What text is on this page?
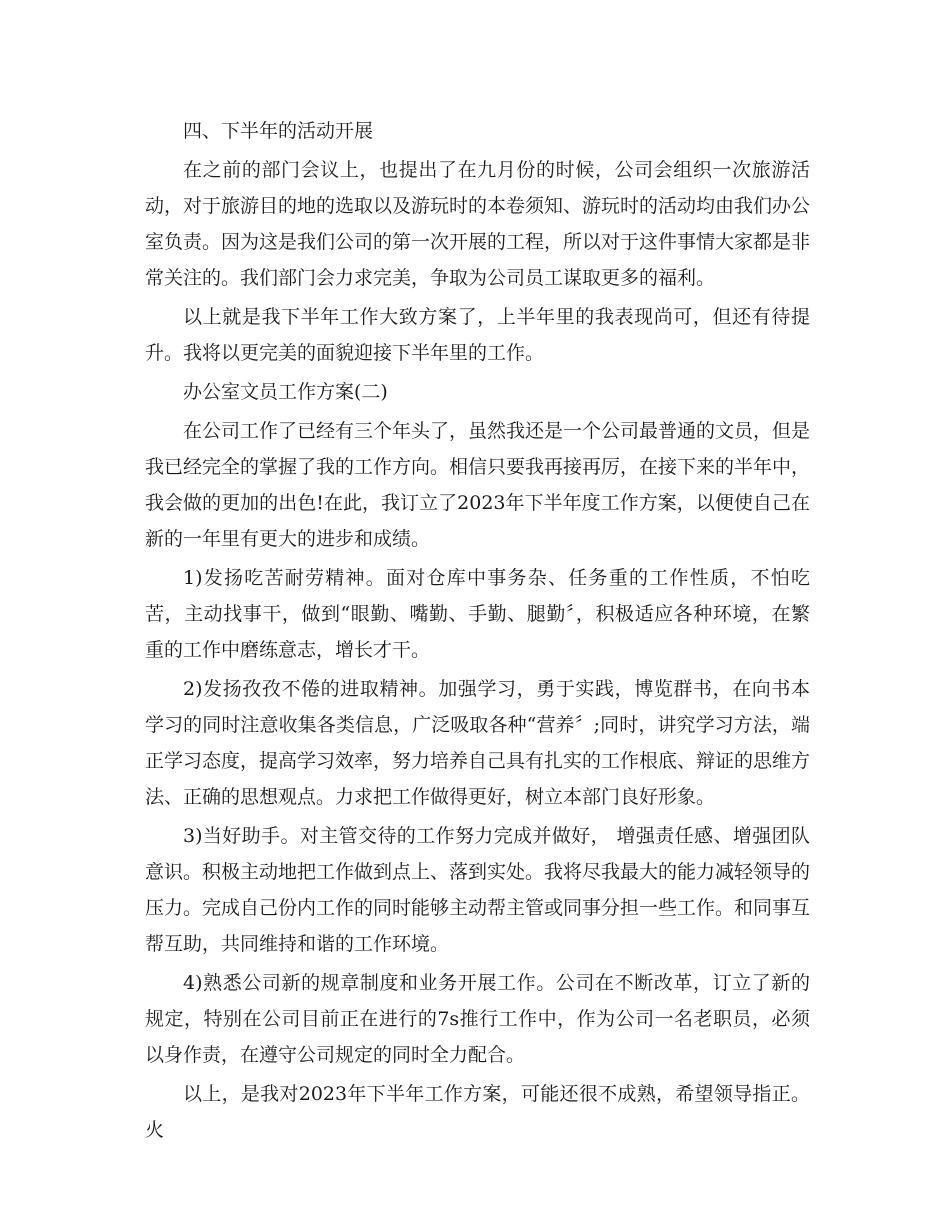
四、下半年的活动开展

在之前的部门会议上，也提出了在九月份的时候，公司会组织一次旅游活动，对于旅游目的地的选取以及游玩时的本卷须知、游玩时的活动均由我们办公室负责。因为这是我们公司的第一次开展的工程，所以对于这件事情大家都是非常关注的。我们部门会力求完美，争取为公司员工谋取更多的福利。

以上就是我下半年工作大致方案了，上半年里的我表现尚可，但还有待提升。我将以更完美的面貌迎接下半年里的工作。

办公室文员工作方案(二)

在公司工作了已经有三个年头了，虽然我还是一个公司最普通的文员，但是我已经完全的掌握了我的工作方向。相信只要我再接再厉，在接下来的半年中，我会做的更加的出色!在此，我订立了2023年下半年度工作方案，以便使自己在新的一年里有更大的进步和成绩。

1)发扬吃苦耐劳精神。面对仓库中事务杂、任务重的工作性质，不怕吃苦，主动找事干，做到“眼勤、嘴勤、手勤、腿勤〞，积极适应各种环境，在繁重的工作中磨练意志，增长才干。

2)发扬孜孜不倦的进取精神。加强学习，勇于实践，博览群书，在向书本学习的同时注意收集各类信息，广泛吸取各种“营养〞;同时，讲究学习方法，端正学习态度，提高学习效率，努力培养自己具有扎实的工作根底、辩证的思维方法、正确的思想观点。力求把工作做得更好，树立本部门良好形象。

3)当好助手。对主管交待的工作努力完成并做好， 增强责任感、增强团队意识。积极主动地把工作做到点上、落到实处。我将尽我最大的能力减轻领导的压力。完成自己份内工作的同时能够主动帮主管或同事分担一些工作。和同事互帮互助，共同维持和谐的工作环境。

4)熟悉公司新的规章制度和业务开展工作。公司在不断改革，订立了新的规定，特别在公司目前正在进行的7s推行工作中，作为公司一名老职员，必须以身作责，在遵守公司规定的同时全力配合。

以上，是我对2023年下半年工作方案，可能还很不成熟，希望领导指正。火
